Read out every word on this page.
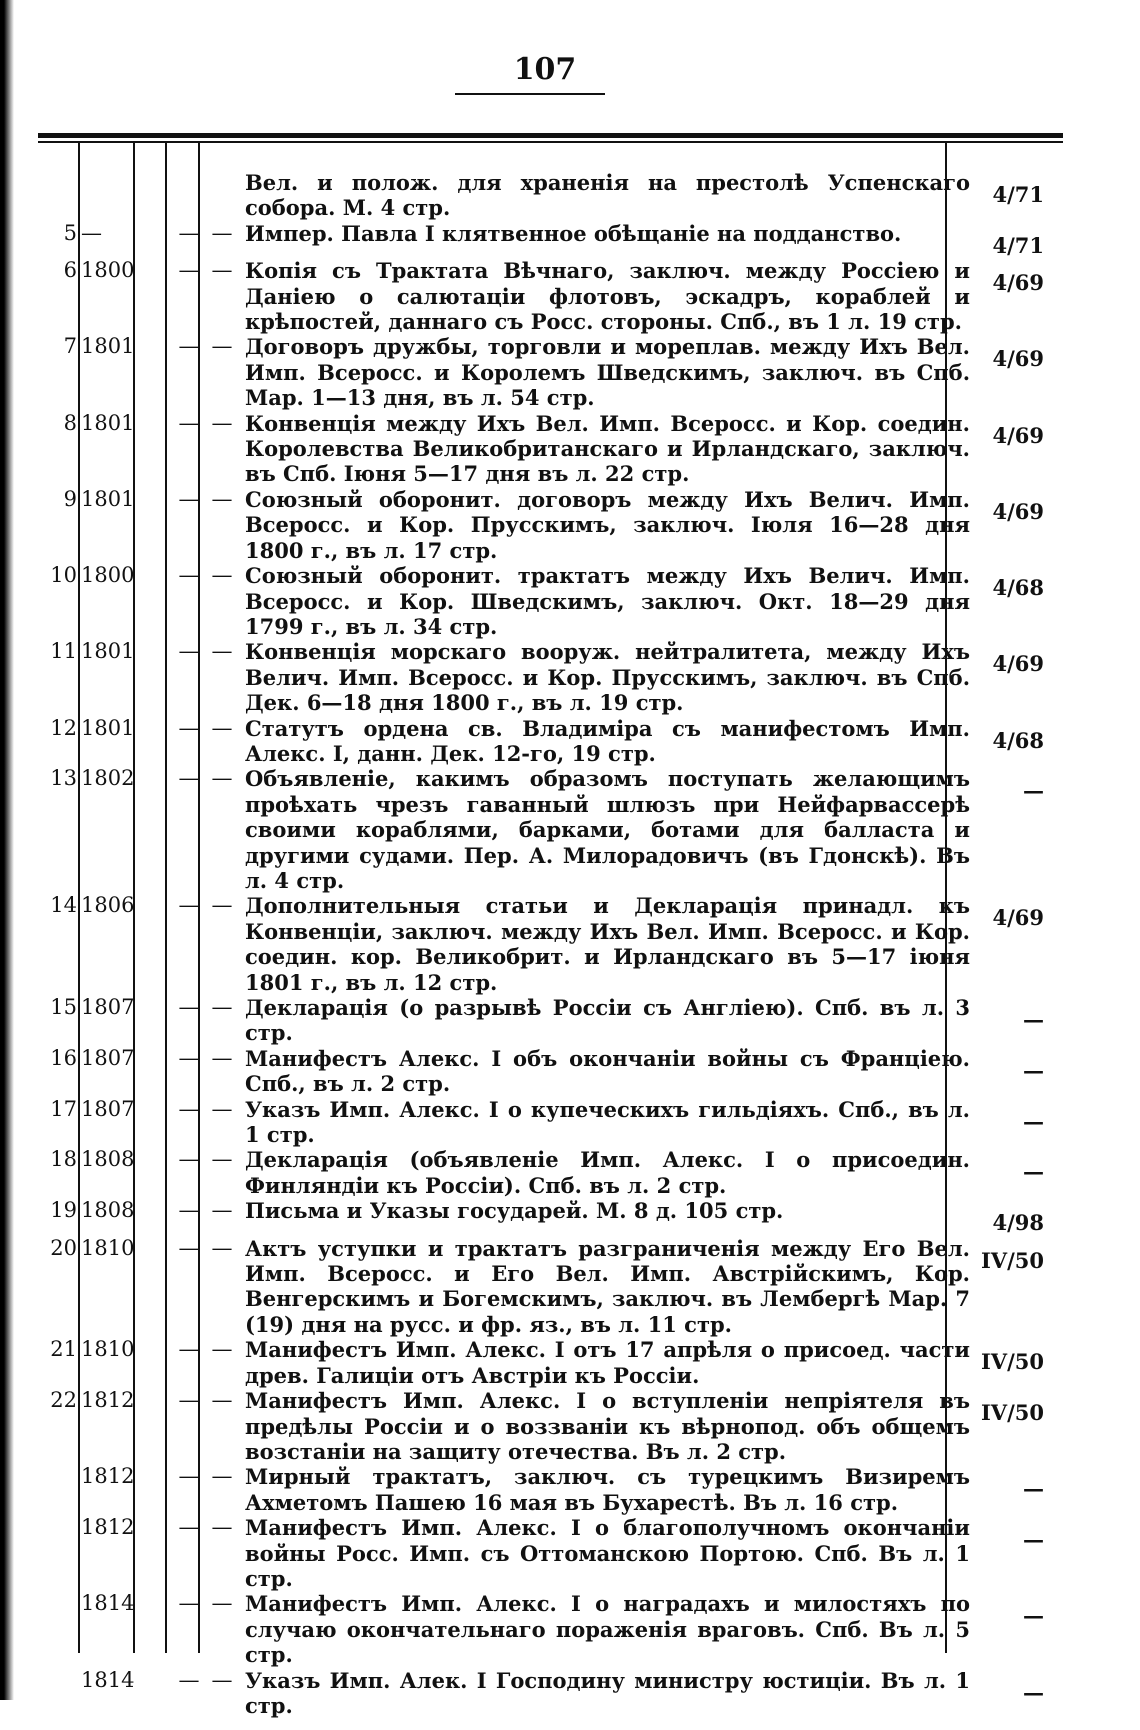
107
				Вел. и полож. для храненія на престолѣ Успенскаго собора. М. 4 стр.	4/71
5	—	—	—	Импер. Павла I клятвенное обѣщаніе на подданство.	4/71
6	1800	—	—	Копія съ Трактата Вѣчнаго, заключ. между Россіею и Даніею о салютаціи флотовъ, эскадръ, кораблей и крѣпостей, даннаго съ Росс. стороны. Спб., въ 1 л. 19 стр.	4/69
7	1801	—	—	Договоръ дружбы, торговли и мореплав. между Ихъ Вел. Имп. Всеросс. и Королемъ Шведскимъ, заключ. въ Спб. Мар. 1—13 дня, въ л. 54 стр.	4/69
8	1801	—	—	Конвенція между Ихъ Вел. Имп. Всеросс. и Кор. соедин. Королевства Великобританскаго и Ирландскаго, заключ. въ Спб. Іюня 5—17 дня въ л. 22 стр.	4/69
9	1801	—	—	Союзный оборонит. договоръ между Ихъ Велич. Имп. Всеросс. и Кор. Прусскимъ, заключ. Іюля 16—28 дня 1800 г., въ л. 17 стр.	4/69
10	1800	—	—	Союзный оборонит. трактатъ между Ихъ Велич. Имп. Всеросс. и Кор. Шведскимъ, заключ. Окт. 18—29 дня 1799 г., въ л. 34 стр.	4/68
11	1801	—	—	Конвенція морскаго вооруж. нейтралитета, между Ихъ Велич. Имп. Всеросс. и Кор. Прусскимъ, заключ. въ Спб. Дек. 6—18 дня 1800 г., въ л. 19 стр.	4/69
12	1801	—	—	Статутъ ордена св. Владиміра съ манифестомъ Имп. Алекс. I, данн. Дек. 12-го, 19 стр.	4/68
13	1802	—	—	Объявленіе, какимъ образомъ поступать желающимъ проѣхать чрезъ гаванный шлюзъ при Нейфарвассерѣ своими кораблями, барками, ботами для балласта и другими судами. Пер. А. Милорадовичъ (въ Гдонскѣ). Въ л. 4 стр.	—
14	1806	—	—	Дополнительныя статьи и Декларація принадл. къ Конвенціи, заключ. между Ихъ Вел. Имп. Всеросс. и Кор. соедин. кор. Великобрит. и Ирландскаго въ 5—17 іюня 1801 г., въ л. 12 стр.	4/69
15	1807	—	—	Декларація (о разрывѣ Россіи съ Англіею). Спб. въ л. 3 стр.	—
16	1807	—	—	Манифестъ Алекс. I объ окончаніи войны съ Франціею. Спб., въ л. 2 стр.	—
17	1807	—	—	Указъ Имп. Алекс. I о купеческихъ гильдіяхъ. Спб., въ л. 1 стр.	—
18	1808	—	—	Декларація (объявленіе Имп. Алекс. I о присоедин. Финляндіи къ Россіи). Спб. въ л. 2 стр.	—
19	1808	—	—	Письма и Указы государей. М. 8 д. 105 стр.	4/98
20	1810	—	—	Актъ уступки и трактатъ разграниченія между Его Вел. Имп. Всеросс. и Его Вел. Имп. Австрійскимъ, Кор. Венгерскимъ и Богемскимъ, заключ. въ Лембергѣ Мар. 7 (19) дня на русс. и фр. яз., въ л. 11 стр.	IV/50
21	1810	—	—	Манифестъ Имп. Алекс. I отъ 17 апрѣля о присоед. части древ. Галиціи отъ Австріи къ Россіи.	IV/50
22	1812	—	—	Манифестъ Имп. Алекс. I о вступленіи непріятеля въ предѣлы Россіи и о воззваніи къ вѣрнопод. объ общемъ возстаніи на защиту отечества. Въ л. 2 стр.	IV/50
	1812	—	—	Мирный трактатъ, заключ. съ турецкимъ Визиремъ Ахметомъ Пашею 16 мая въ Бухарестѣ. Въ л. 16 стр.	—
	1812	—	—	Манифестъ Имп. Алекс. I о благополучномъ окончаніи войны Росс. Имп. съ Оттоманскою Портою. Спб. Въ л. 1 стр.	—
	1814	—	—	Манифестъ Имп. Алекс. I о наградахъ и милостяхъ по случаю окончательнаго пораженія враговъ. Спб. Въ л. 5 стр.	—
	1814	—	—	Указъ Имп. Алек. I Господину министру юстиціи. Въ л. 1 стр.	—
